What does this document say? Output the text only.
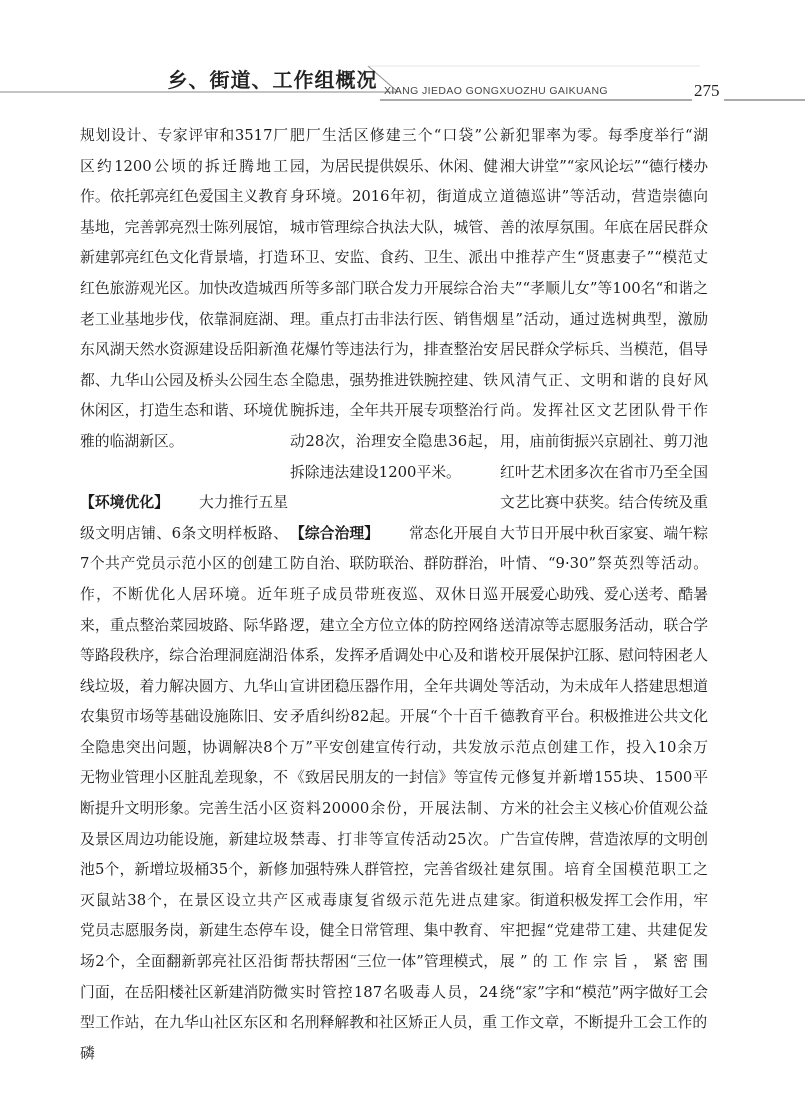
乡、街道、工作组概况 XIANG JIEDAO GONGXUOZHU GAIKUANG	275

规划设计、专家评审和3517厂区约1200公顷的拆迁腾地工作。依托郭亮红色爱国主义教育基地，完善郭亮烈士陈列展馆，新建郭亮红色文化背景墙，打造红色旅游观光区。加快改造城西老工业基地步伐，依靠洞庭湖、东风湖天然水资源建设岳阳新渔都、九华山公园及桥头公园生态休闲区，打造生态和谐、环境优雅的临湖新区。

【环境优化】 大力推行五星级文明店铺、6条文明样板路、7个共产党员示范小区的创建工作，不断优化人居环境。近年来，重点整治菜园坡路、际华路等路段秩序，综合治理洞庭湖沿线垃圾，着力解决圆方、九华山农集贸市场等基础设施陈旧、安全隐患突出问题，协调解决8个无物业管理小区脏乱差现象，不断提升文明形象。完善生活小区及景区周边功能设施，新建垃圾池5个，新增垃圾桶35个，新修灭鼠站38个，在景区设立共产党员志愿服务岗，新建生态停车场2个，全面翻新郭亮社区沿街门面，在岳阳楼社区新建消防微型工作站，在九华山社区东区和磷

肥厂生活区修建三个“口袋”公园，为居民提供娱乐、休闲、健身环境。2016年初，街道成立城市管理综合执法大队，城管、环卫、安监、食药、卫生、派出所等多部门联合发力开展综合治理。重点打击非法行医、销售烟花爆竹等违法行为，排查整治安全隐患，强势推进铁腕控建、铁腕拆违，全年共开展专项整治行动28次，治理安全隐患36起，拆除违法建设1200平米。

【综合治理】 常态化开展自防自治、联防联治、群防群治，班子成员带班夜巡、双休日巡逻，建立全方位立体的防控网络体系，发挥矛盾调处中心及和谐宣讲团稳压器作用，全年共调处矛盾纠纷82起。开展“个十百千万”平安创建宣传行动，共发放《致居民朋友的一封信》等宣传资料20000余份，开展法制、禁毒、打非等宣传活动25次。加强特殊人群管控，完善省级社区戒毒康复省级示范先进点建设，健全日常管理、集中教育、帮扶帮困“三位一体”管理模式，实时管控187名吸毒人员，24名刑释解教和社区矫正人员，重

新犯罪率为零。每季度举行“湖湘大讲堂”“家风论坛”“德行楼办道德巡讲”等活动，营造崇德向善的浓厚氛围。年底在居民群众中推荐产生“贤惠妻子”“模范丈夫”“孝顺儿女”等100名“和谐之星”活动，通过选树典型，激励居民群众学标兵、当模范，倡导风清气正、文明和谐的良好风尚。发挥社区文艺团队骨干作用，庙前街振兴京剧社、剪刀池红叶艺术团多次在省市乃至全国文艺比赛中获奖。结合传统及重大节日开展中秋百家宴、端午粽叶情、“9·30”祭英烈等活动。开展爱心助残、爱心送考、酷暑送清凉等志愿服务活动，联合学校开展保护江豚、慰问特困老人等活动，为未成年人搭建思想道德教育平台。积极推进公共文化示范点创建工作，投入10余万元修复并新增155块、1500平方米的社会主义核心价值观公益广告宣传牌，营造浓厚的文明创建氛围。培育全国模范职工之家。街道积极发挥工会作用，牢牢把握“党建带工建、共建促发展”的工作宗旨，紧密围绕“家”字和“模范”两字做好工会工作文章，不断提升工会工作的
